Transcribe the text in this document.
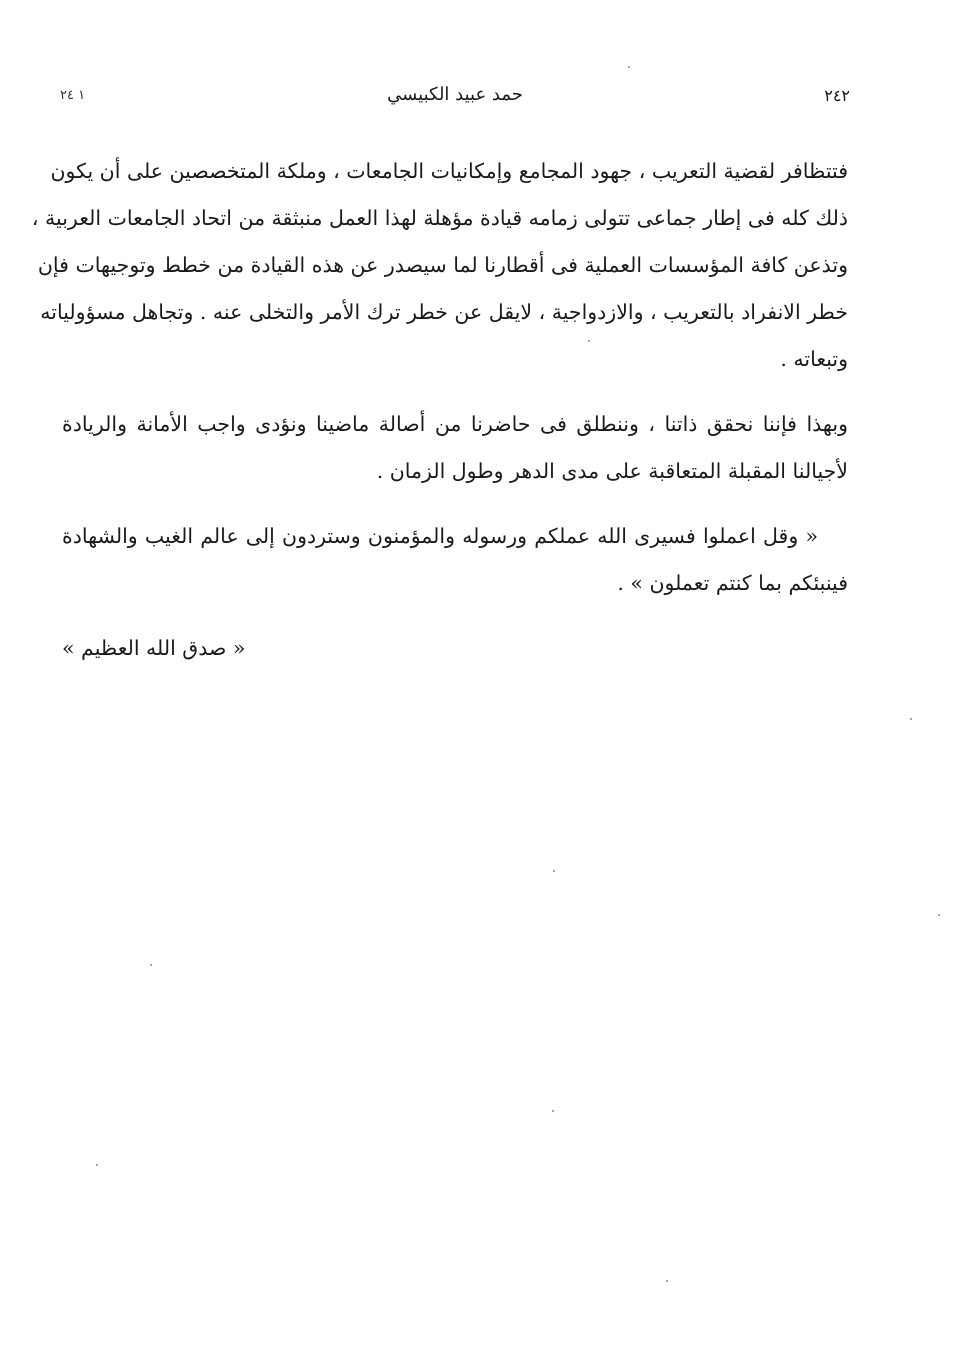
١ ٢٤	حمد عبيد الكبيسي	٢٤٢
فتتظافر لقضية التعريب ، جهود المجامع وإمكانيات الجامعات ، وملكة المتخصصين على أن يكون
ذلك كله فى إطار جماعى تتولى زمامه قيادة مؤهلة لهذا العمل منبثقة من اتحاد الجامعات العربية ،
وتذعن كافة المؤسسات العملية فى أقطارنا لما سيصدر عن هذه القيادة من خطط وتوجيهات فإن
خطر الانفراد بالتعريب ، والازدواجية ، لايقل عن خطر ترك الأمر والتخلى عنه . وتجاهل مسؤولياته
وتبعاته .
وبهذا فإننا نحقق ذاتنا ، وننطلق فى حاضرنا من أصالة ماضينا ونؤدى واجب الأمانة والريادة
لأجيالنا المقبلة المتعاقبة على مدى الدهر وطول الزمان .
« وقل اعملوا فسيرى الله عملكم ورسوله والمؤمنون وستردون إلى عالم الغيب والشهادة
فينبئكم بما كنتم تعملون » .
« صدق الله العظيم »
